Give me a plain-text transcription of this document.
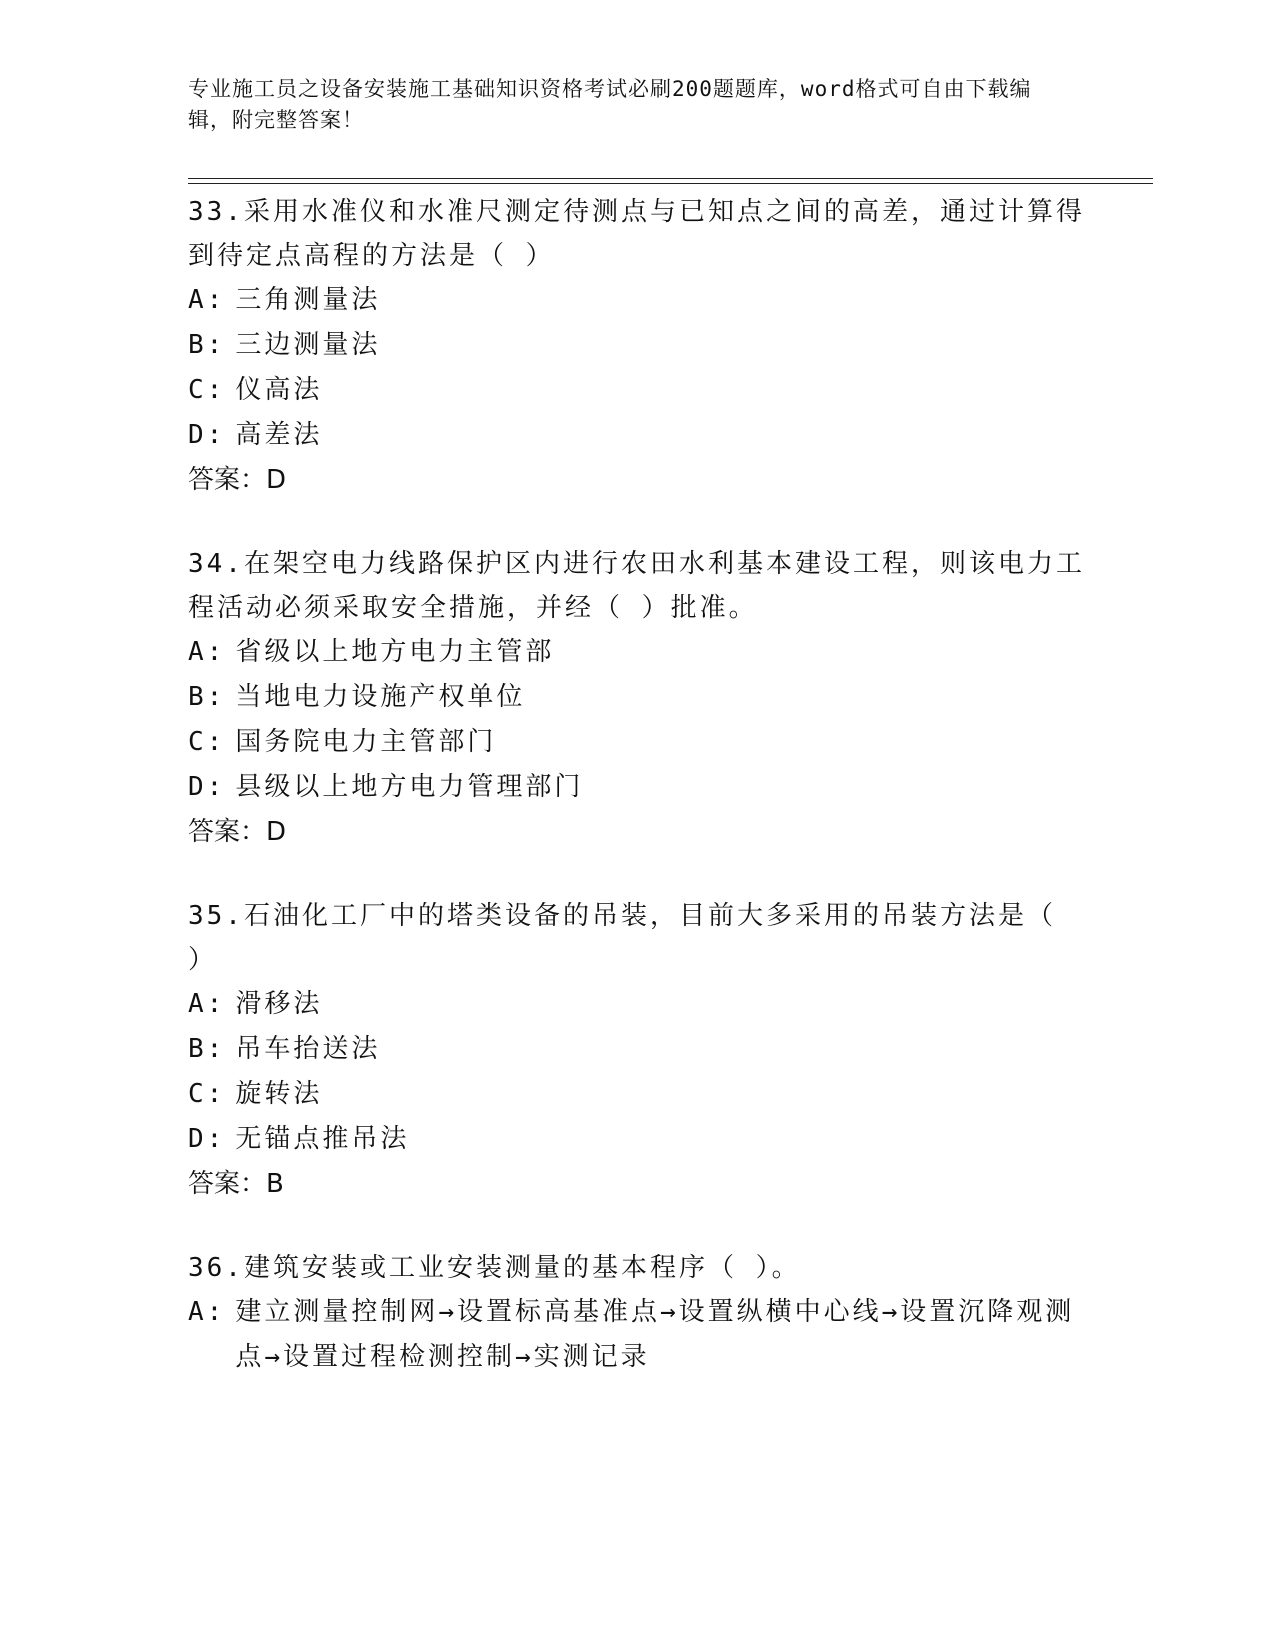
专业施工员之设备安装施工基础知识资格考试必刷200题题库，word格式可自由下载编辑，附完整答案！

33.采用水准仪和水准尺测定待测点与已知点之间的高差，通过计算得到待定点高程的方法是（ ）

A : 三角测量法

B : 三边测量法

C : 仪高法

D : 高差法

答案：D

34.在架空电力线路保护区内进行农田水利基本建设工程，则该电力工程活动必须采取安全措施，并经（ ）批准。

A : 省级以上地方电力主管部

B : 当地电力设施产权单位

C : 国务院电力主管部门

D : 县级以上地方电力管理部门

答案：D

35.石油化工厂中的塔类设备的吊装，目前大多采用的吊装方法是（ ）

A : 滑移法

B : 吊车抬送法

C : 旋转法

D : 无锚点推吊法

答案：B

36.建筑安装或工业安装测量的基本程序（ ）。

A : 建立测量控制网→设置标高基准点→设置纵横中心线→设置沉降观测点→设置过程检测控制→实测记录
